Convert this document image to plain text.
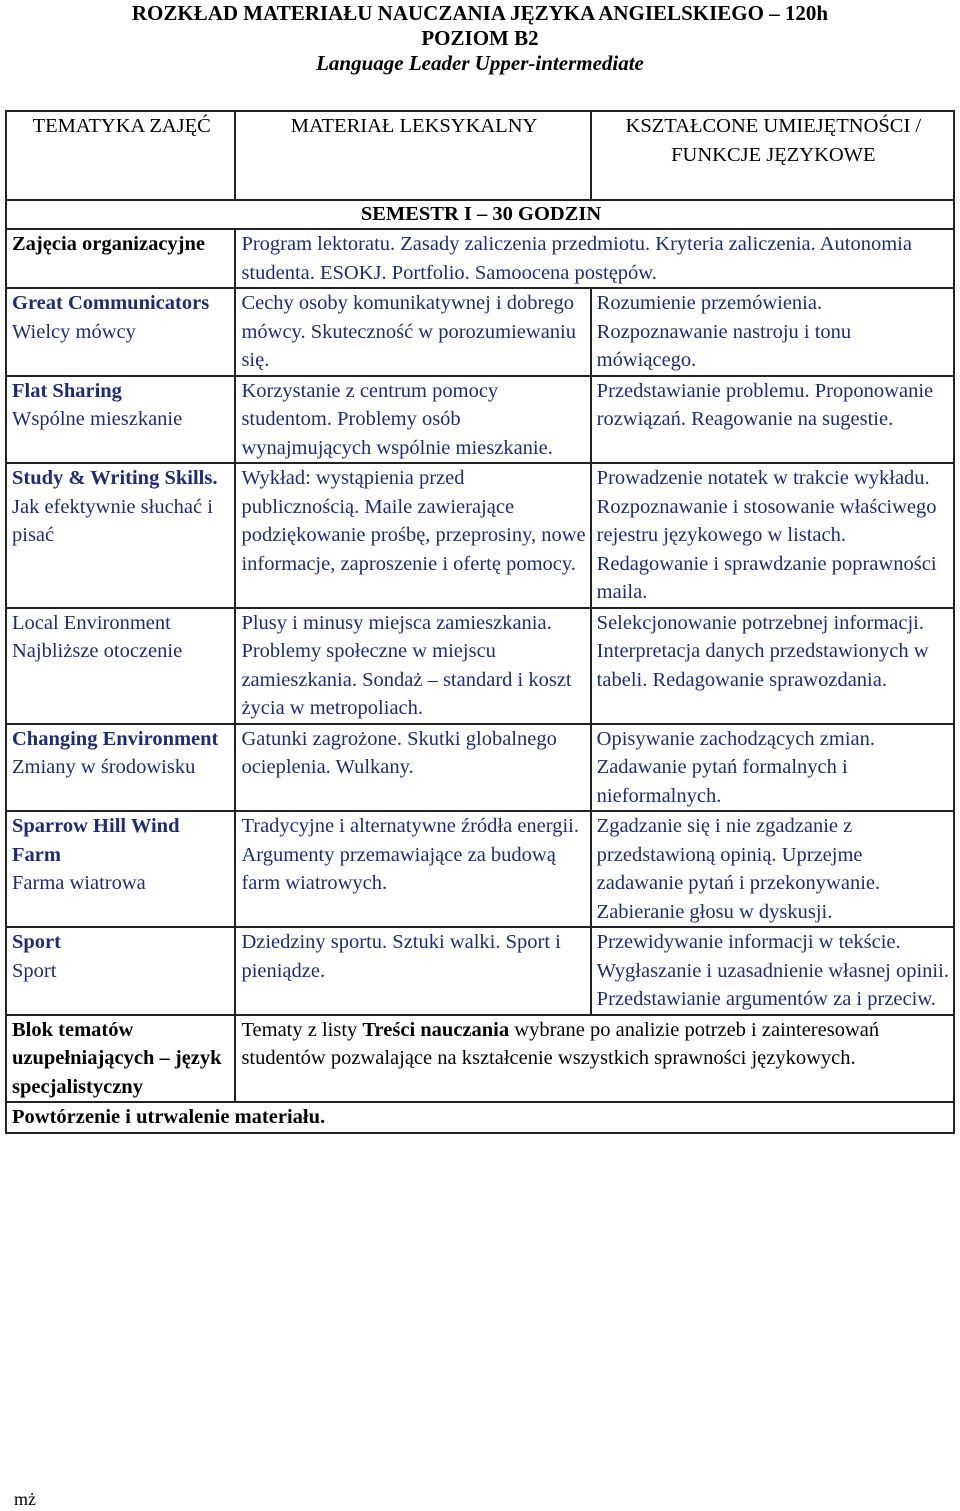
ROZKŁAD MATERIAŁU NAUCZANIA JĘZYKA ANGIELSKIEGO – 120h
POZIOM B2
Language Leader Upper-intermediate
TEMATYKA ZAJĘĆ	MATERIAŁ LEKSYKALNY	KSZTAŁCONE UMIEJĘTNOŚCI / FUNKCJE JĘZYKOWE
SEMESTR I – 30 GODZIN		

Zajęcia organizacyjne	Program lektoratu. Zasady zaliczenia przedmiotu. Kryteria zaliczenia. Autonomia studenta. ESOKJ. Portfolio. Samoocena postępów.	

Great Communicators
Wielcy mówcy	Cechy osoby komunikatywnej i dobrego mówcy. Skuteczność w porozumiewaniu się.	Rozumienie przemówienia. Rozpoznawanie nastroju i tonu mówiącego.

Flat Sharing
Wspólne mieszkanie	Korzystanie z centrum pomocy studentom. Problemy osób wynajmujących wspólnie mieszkanie.	Przedstawianie problemu. Proponowanie rozwiązań. Reagowanie na sugestie.

Study & Writing Skills.
Jak efektywnie słuchać i pisać	Wykład: wystąpienia przed publicznością. Maile zawierające podziękowanie prośbę, przeprosiny, nowe informacje, zaproszenie i ofertę pomocy.	Prowadzenie notatek w trakcie wykładu. Rozpoznawanie i stosowanie właściwego rejestru językowego w listach. Redagowanie i sprawdzanie poprawności maila.

Local Environment Najbliższe otoczenie	Plusy i minusy miejsca zamieszkania. Problemy społeczne w miejscu zamieszkania. Sondaż – standard i koszt życia w metropoliach.	Selekcjonowanie potrzebnej informacji. Interpretacja danych przedstawionych w tabeli. Redagowanie sprawozdania.

Changing Environment
Zmiany w środowisku	Gatunki zagrożone. Skutki globalnego ocieplenia. Wulkany.	Opisywanie zachodzących zmian. Zadawanie pytań formalnych i nieformalnych.

Sparrow Hill Wind Farm
Farma wiatrowa	Tradycyjne i alternatywne źródła energii. Argumenty przemawiające za budową farm wiatrowych.	Zgadzanie się i nie zgadzanie z przedstawioną opinią. Uprzejme zadawanie pytań i przekonywanie. Zabieranie głosu w dyskusji.

Sport
Sport	Dziedziny sportu. Sztuki walki. Sport i pieniądze.	Przewidywanie informacji w tekście. Wygłaszanie i uzasadnienie własnej opinii. Przedstawianie argumentów za i przeciw.

Blok tematów uzupełniających – język specjalistyczny	Tematy z listy Treści nauczania wybrane po analizie potrzeb i zainteresowań studentów pozwalające na kształcenie wszystkich sprawności językowych.	
Powtórzenie i utrwalenie materiału.		
mż
